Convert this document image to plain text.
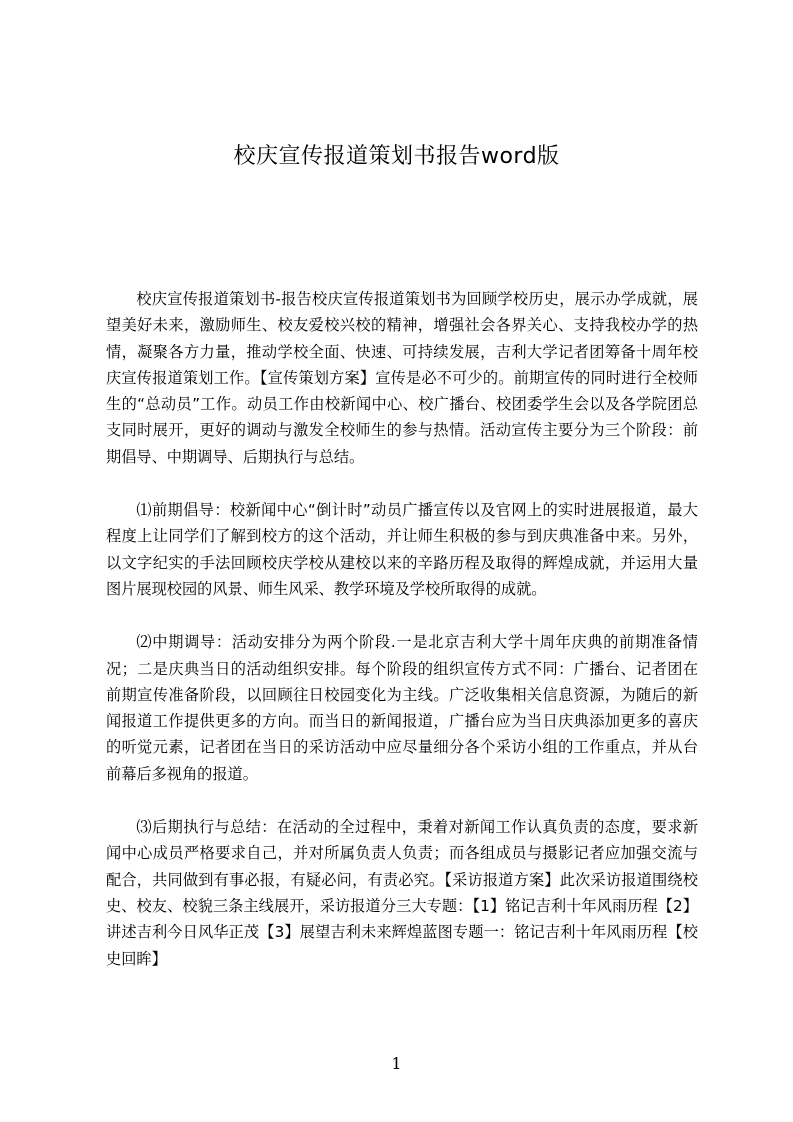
校庆宣传报道策划书报告word版

校庆宣传报道策划书-报告校庆宣传报道策划书为回顾学校历史，展示办学成就，展望美好未来，激励师生、校友爱校兴校的精神，增强社会各界关心、支持我校办学的热情，凝聚各方力量，推动学校全面、快速、可持续发展，吉利大学记者团筹备十周年校庆宣传报道策划工作。【宣传策划方案】宣传是必不可少的。前期宣传的同时进行全校师生的“总动员”工作。动员工作由校新闻中心、校广播台、校团委学生会以及各学院团总支同时展开，更好的调动与激发全校师生的参与热情。活动宣传主要分为三个阶段：前期倡导、中期调导、后期执行与总结。

⑴前期倡导：校新闻中心“倒计时”动员广播宣传以及官网上的实时进展报道，最大程度上让同学们了解到校方的这个活动，并让师生积极的参与到庆典准备中来。另外，以文字纪实的手法回顾校庆学校从建校以来的辛路历程及取得的辉煌成就，并运用大量图片展现校园的风景、师生风采、教学环境及学校所取得的成就。

⑵中期调导：活动安排分为两个阶段.一是北京吉利大学十周年庆典的前期准备情况；二是庆典当日的活动组织安排。每个阶段的组织宣传方式不同：广播台、记者团在前期宣传准备阶段，以回顾往日校园变化为主线。广泛收集相关信息资源，为随后的新闻报道工作提供更多的方向。而当日的新闻报道，广播台应为当日庆典添加更多的喜庆的听觉元素，记者团在当日的采访活动中应尽量细分各个采访小组的工作重点，并从台前幕后多视角的报道。

⑶后期执行与总结：在活动的全过程中，秉着对新闻工作认真负责的态度，要求新闻中心成员严格要求自己，并对所属负责人负责；而各组成员与摄影记者应加强交流与配合，共同做到有事必报，有疑必问，有责必究。【采访报道方案】此次采访报道围绕校史、校友、校貌三条主线展开，采访报道分三大专题：【1】铭记吉利十年风雨历程【2】讲述吉利今日风华正茂【3】展望吉利未来辉煌蓝图专题一：铭记吉利十年风雨历程【校史回眸】

1
